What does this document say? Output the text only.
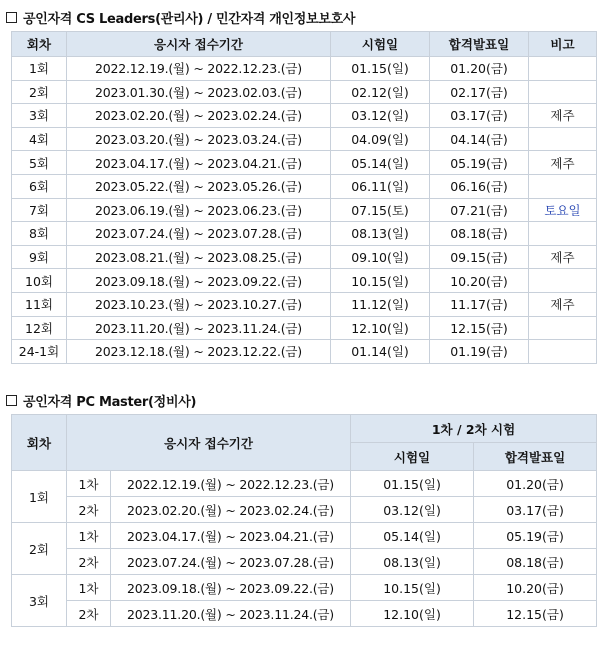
공인자격 CS Leaders(관리사) / 민간자격 개인정보보호사
회차	응시자 접수기간	시험일	합격발표일	비고
1회	2022.12.19.(월) ~ 2022.12.23.(금)	01.15(일)	01.20(금)	
2회	2023.01.30.(월) ~ 2023.02.03.(금)	02.12(일)	02.17(금)	
3회	2023.02.20.(월) ~ 2023.02.24.(금)	03.12(일)	03.17(금)	제주
4회	2023.03.20.(월) ~ 2023.03.24.(금)	04.09(일)	04.14(금)	
5회	2023.04.17.(월) ~ 2023.04.21.(금)	05.14(일)	05.19(금)	제주
6회	2023.05.22.(월) ~ 2023.05.26.(금)	06.11(일)	06.16(금)	
7회	2023.06.19.(월) ~ 2023.06.23.(금)	07.15(토)	07.21(금)	토요일
8회	2023.07.24.(월) ~ 2023.07.28.(금)	08.13(일)	08.18(금)	
9회	2023.08.21.(월) ~ 2023.08.25.(금)	09.10(일)	09.15(금)	제주
10회	2023.09.18.(월) ~ 2023.09.22.(금)	10.15(일)	10.20(금)	
11회	2023.10.23.(월) ~ 2023.10.27.(금)	11.12(일)	11.17(금)	제주
12회	2023.11.20.(월) ~ 2023.11.24.(금)	12.10(일)	12.15(금)	
24-1회	2023.12.18.(월) ~ 2023.12.22.(금)	01.14(일)	01.19(금)	
공인자격 PC Master(정비사)
회차	응시자 접수기간		1차 / 2차 시험	
			시험일	합격발표일
1회	1차	2022.12.19.(월) ~ 2022.12.23.(금)	01.15(일)	01.20(금)
	2차	2023.02.20.(월) ~ 2023.02.24.(금)	03.12(일)	03.17(금)
2회	1차	2023.04.17.(월) ~ 2023.04.21.(금)	05.14(일)	05.19(금)
	2차	2023.07.24.(월) ~ 2023.07.28.(금)	08.13(일)	08.18(금)
3회	1차	2023.09.18.(월) ~ 2023.09.22.(금)	10.15(일)	10.20(금)
	2차	2023.11.20.(월) ~ 2023.11.24.(금)	12.10(일)	12.15(금)
